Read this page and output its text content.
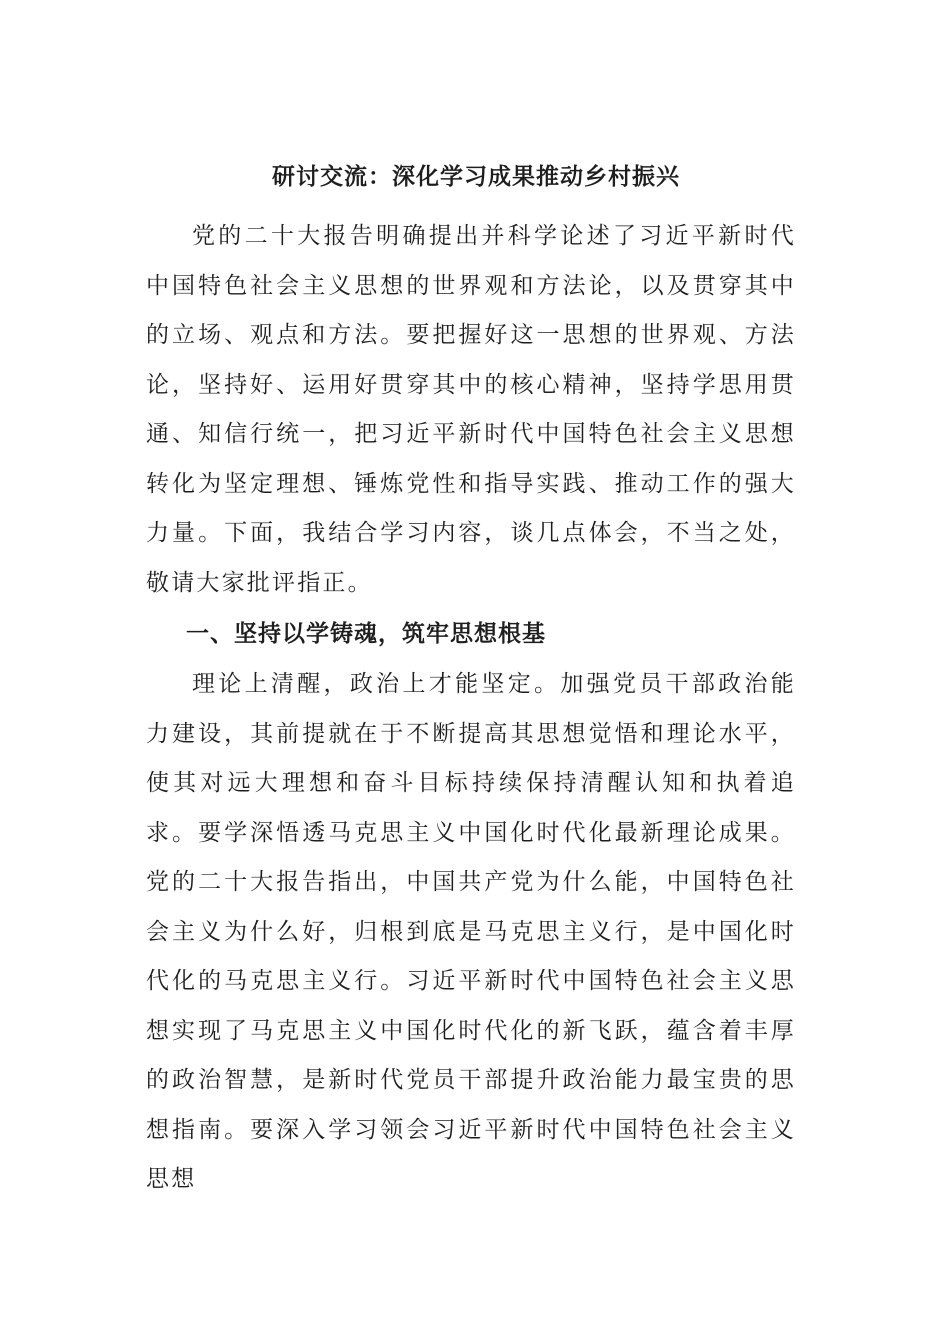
研讨交流：深化学习成果推动乡村振兴

党的二十大报告明确提出并科学论述了习近平新时代中国特色社会主义思想的世界观和方法论，以及贯穿其中的立场、观点和方法。要把握好这一思想的世界观、方法论，坚持好、运用好贯穿其中的核心精神，坚持学思用贯通、知信行统一，把习近平新时代中国特色社会主义思想转化为坚定理想、锤炼党性和指导实践、推动工作的强大力量。下面，我结合学习内容，谈几点体会，不当之处，敬请大家批评指正。

一、坚持以学铸魂，筑牢思想根基

理论上清醒，政治上才能坚定。加强党员干部政治能力建设，其前提就在于不断提高其思想觉悟和理论水平，使其对远大理想和奋斗目标持续保持清醒认知和执着追求。要学深悟透马克思主义中国化时代化最新理论成果。党的二十大报告指出，中国共产党为什么能，中国特色社会主义为什么好，归根到底是马克思主义行，是中国化时代化的马克思主义行。习近平新时代中国特色社会主义思想实现了马克思主义中国化时代化的新飞跃，蕴含着丰厚的政治智慧，是新时代党员干部提升政治能力最宝贵的思想指南。要深入学习领会习近平新时代中国特色社会主义思想
